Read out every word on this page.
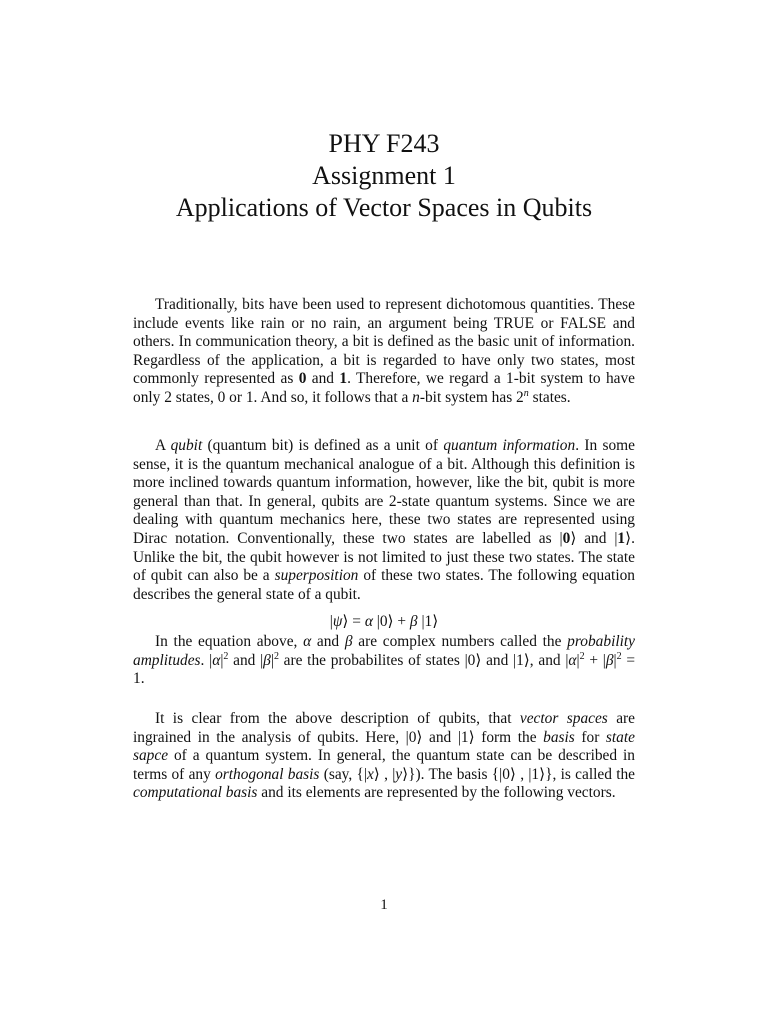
PHY F243
Assignment 1
Applications of Vector Spaces in Qubits

Traditionally, bits have been used to represent dichotomous quantities. These include events like rain or no rain, an argument being TRUE or FALSE and others. In communication theory, a bit is defined as the basic unit of information. Regardless of the application, a bit is regarded to have only two states, most commonly represented as 0 and 1. Therefore, we regard a 1-bit system to have only 2 states, 0 or 1. And so, it follows that a n-bit system has 2$^n$ states.

A qubit (quantum bit) is defined as a unit of quantum information. In some sense, it is the quantum mechanical analogue of a bit. Although this definition is more inclined towards quantum information, however, like the bit, qubit is more general than that. In general, qubits are 2-state quantum systems. Since we are dealing with quantum mechanics here, these two states are represented using Dirac notation. Conventionally, these two states are labelled as |0⟩ and |1⟩. Unlike the bit, the qubit however is not limited to just these two states. The state of qubit can also be a superposition of these two states. The following equation describes the general state of a qubit.

|ψ⟩ = α |0⟩ + β |1⟩

In the equation above, α and β are complex numbers called the probability amplitudes. $|\alpha|^2$ and $|\beta|^2$ are the probabilites of states |0⟩ and |1⟩, and $|\alpha|^2 + |\beta|^2 = 1$.

It is clear from the above description of qubits, that vector spaces are ingrained in the analysis of qubits. Here, |0⟩ and |1⟩ form the basis for state sapce of a quantum system. In general, the quantum state can be described in terms of any orthogonal basis (say, {|x⟩ , |y⟩}). The basis {|0⟩ , |1⟩}, is called the computational basis and its elements are represented by the following vectors.

1
